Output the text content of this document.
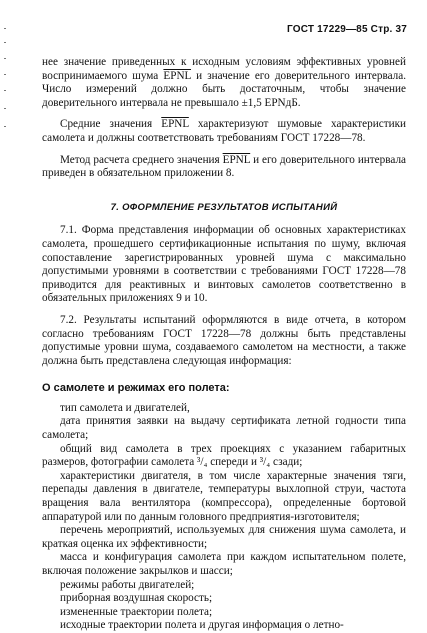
ГОСТ 17229—85 Стр. 37

нее значение приведенных к исходным условиям эффективных уровней воспринимаемого шума EPNL и значение его доверительного интервала. Число измерений должно быть достаточным, чтобы значение доверительного интервала не превышало ±1,5 EPNдБ.

Средние значения EPNL характеризуют шумовые характеристики самолета и должны соответствовать требованиям ГОСТ 17228—78.

Метод расчета среднего значения EPNL и его доверительного интервала приведен в обязательном приложении 8.

7. ОФОРМЛЕНИЕ РЕЗУЛЬТАТОВ ИСПЫТАНИЙ

7.1. Форма представления информации об основных характеристиках самолета, прошедшего сертификационные испытания по шуму, включая сопоставление зарегистрированных уровней шума с максимально допустимыми уровнями в соответствии с требованиями ГОСТ 17228—78 приводится для реактивных и винтовых самолетов соответственно в обязательных приложениях 9 и 10.

7.2. Результаты испытаний оформляются в виде отчета, в котором согласно требованиям ГОСТ 17228—78 должны быть представлены допустимые уровни шума, создаваемого самолетом на местности, а также должна быть представлена следующая информация:

О самолете и режимах его полета:

тип самолета и двигателей,

дата принятия заявки на выдачу сертификата летной годности типа самолета;

общий вид самолета в трех проекциях с указанием габаритных размеров, фотографии самолета ³/₄ спереди и ³/₄ сзади;

характеристики двигателя, в том числе характерные значения тяги, перепады давления в двигателе, температуры выхлопной струи, частота вращения вала вентилятора (компрессора), определенные бортовой аппаратурой или по данным головного предприятия-изготовителя;

перечень мероприятий, используемых для снижения шума самолета, и краткая оценка их эффективности;

масса и конфигурация самолета при каждом испытательном полете, включая положение закрылков и шасси;

режимы работы двигателей;

приборная воздушная скорость;

измененные траектории полета;

исходные траектории полета и другая информация о летно-
